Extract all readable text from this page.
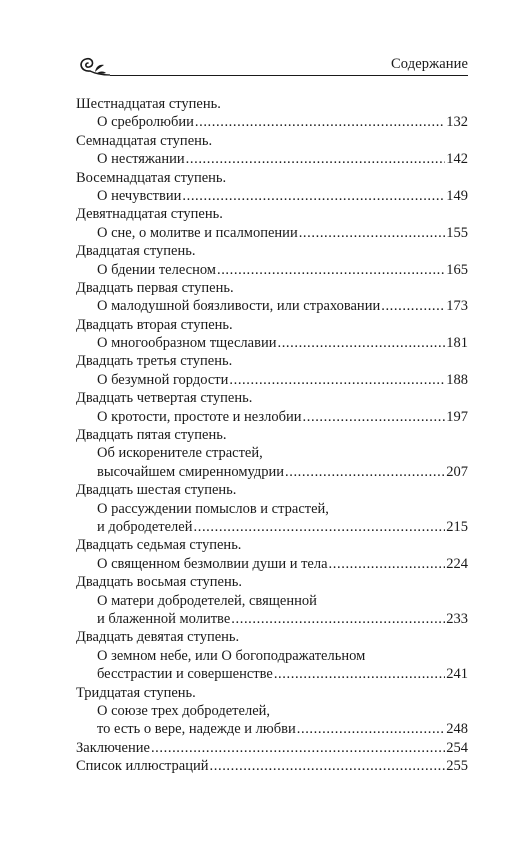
Содержание
Шестнадцатая ступень.
О сребролюбии .....	132
Семнадцатая ступень.
О нестяжании .....	142
Восемнадцатая ступень.
О нечувствии .....	149
Девятнадцатая ступень.
О сне, о молитве и псалмопении .....	155
Двадцатая ступень.
О бдении телесном .....	165
Двадцать первая ступень.
О малодушной боязливости, или страховании .....	173
Двадцать вторая ступень.
О многообразном тщеславии .....	181
Двадцать третья ступень.
О безумной гордости .....	188
Двадцать четвертая ступень.
О кротости, простоте и незлобии .....	197
Двадцать пятая ступень.
Об искоренителе страстей,
высочайшем смиренномудрии .....	207
Двадцать шестая ступень.
О рассуждении помыслов и страстей,
и добродетелей .....	215
Двадцать седьмая ступень.
О священном безмолвии души и тела .....	224
Двадцать восьмая ступень.
О матери добродетелей, священной
и блаженной молитве .....	233
Двадцать девятая ступень.
О земном небе, или О богоподражательном
бесстрастии и совершенстве .....	241
Тридцатая ступень.
О союзе трех добродетелей,
то есть о вере, надежде и любви .....	248
Заключение .....	254
Список иллюстраций .....	255
